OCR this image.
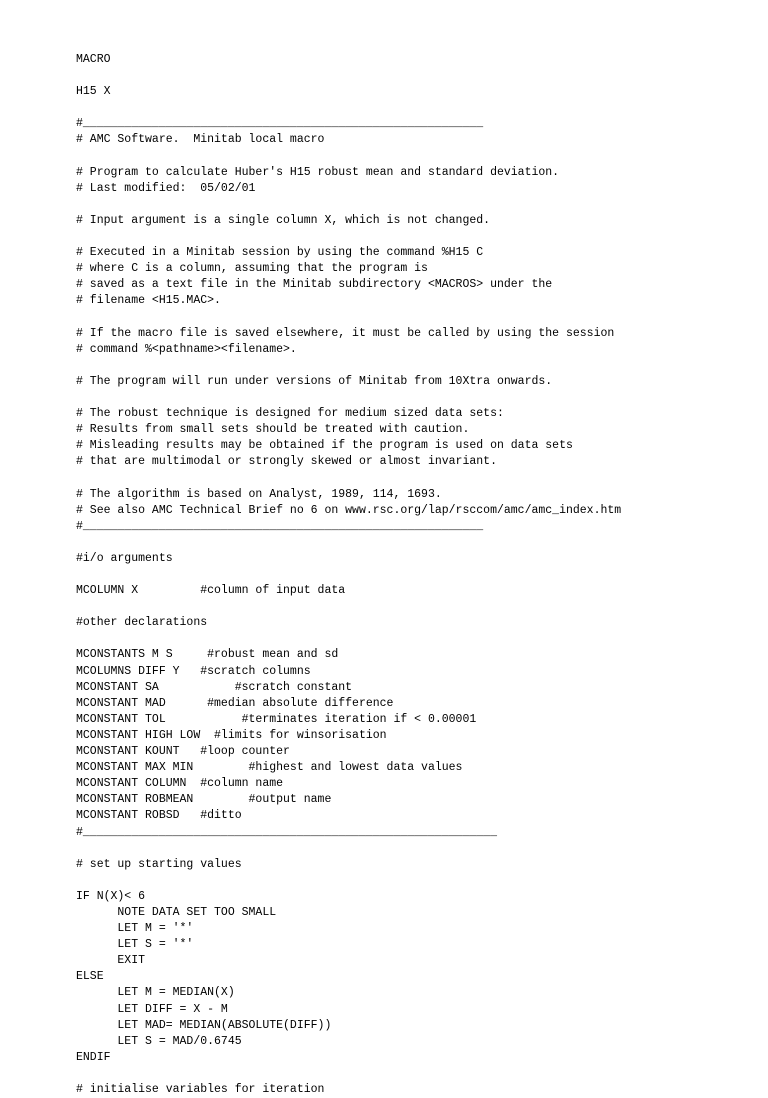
MACRO
H15 X
#__________________________________________________________
# AMC Software.  Minitab local macro
# Program to calculate Huber's H15 robust mean and standard deviation.
# Last modified:  05/02/01
# Input argument is a single column X, which is not changed.
# Executed in a Minitab session by using the command %H15 C
# where C is a column, assuming that the program is
# saved as a text file in the Minitab subdirectory <MACROS> under the
# filename <H15.MAC>.
# If the macro file is saved elsewhere, it must be called by using the session
# command %<pathname><filename>.
# The program will run under versions of Minitab from 10Xtra onwards.
# The robust technique is designed for medium sized data sets:
# Results from small sets should be treated with caution.
# Misleading results may be obtained if the program is used on data sets
# that are multimodal or strongly skewed or almost invariant.
# The algorithm is based on Analyst, 1989, 114, 1693.
# See also AMC Technical Brief no 6 on www.rsc.org/lap/rsccom/amc/amc_index.htm
#__________________________________________________________
#i/o arguments
MCOLUMN X         #column of input data
#other declarations
MCONSTANTS M S     #robust mean and sd
MCOLUMNS DIFF Y   #scratch columns
MCONSTANT SA           #scratch constant
MCONSTANT MAD      #median absolute difference
MCONSTANT TOL           #terminates iteration if < 0.00001
MCONSTANT HIGH LOW  #limits for winsorisation
MCONSTANT KOUNT   #loop counter
MCONSTANT MAX MIN        #highest and lowest data values
MCONSTANT COLUMN  #column name
MCONSTANT ROBMEAN        #output name
MCONSTANT ROBSD   #ditto
#____________________________________________________________
# set up starting values
IF N(X)< 6
NOTE DATA SET TOO SMALL
LET M = '*'
LET S = '*'
EXIT
ELSE
LET M = MEDIAN(X)
LET DIFF = X - M
LET MAD= MEDIAN(ABSOLUTE(DIFF))
LET S = MAD/0.6745
ENDIF
# initialise variables for iteration
